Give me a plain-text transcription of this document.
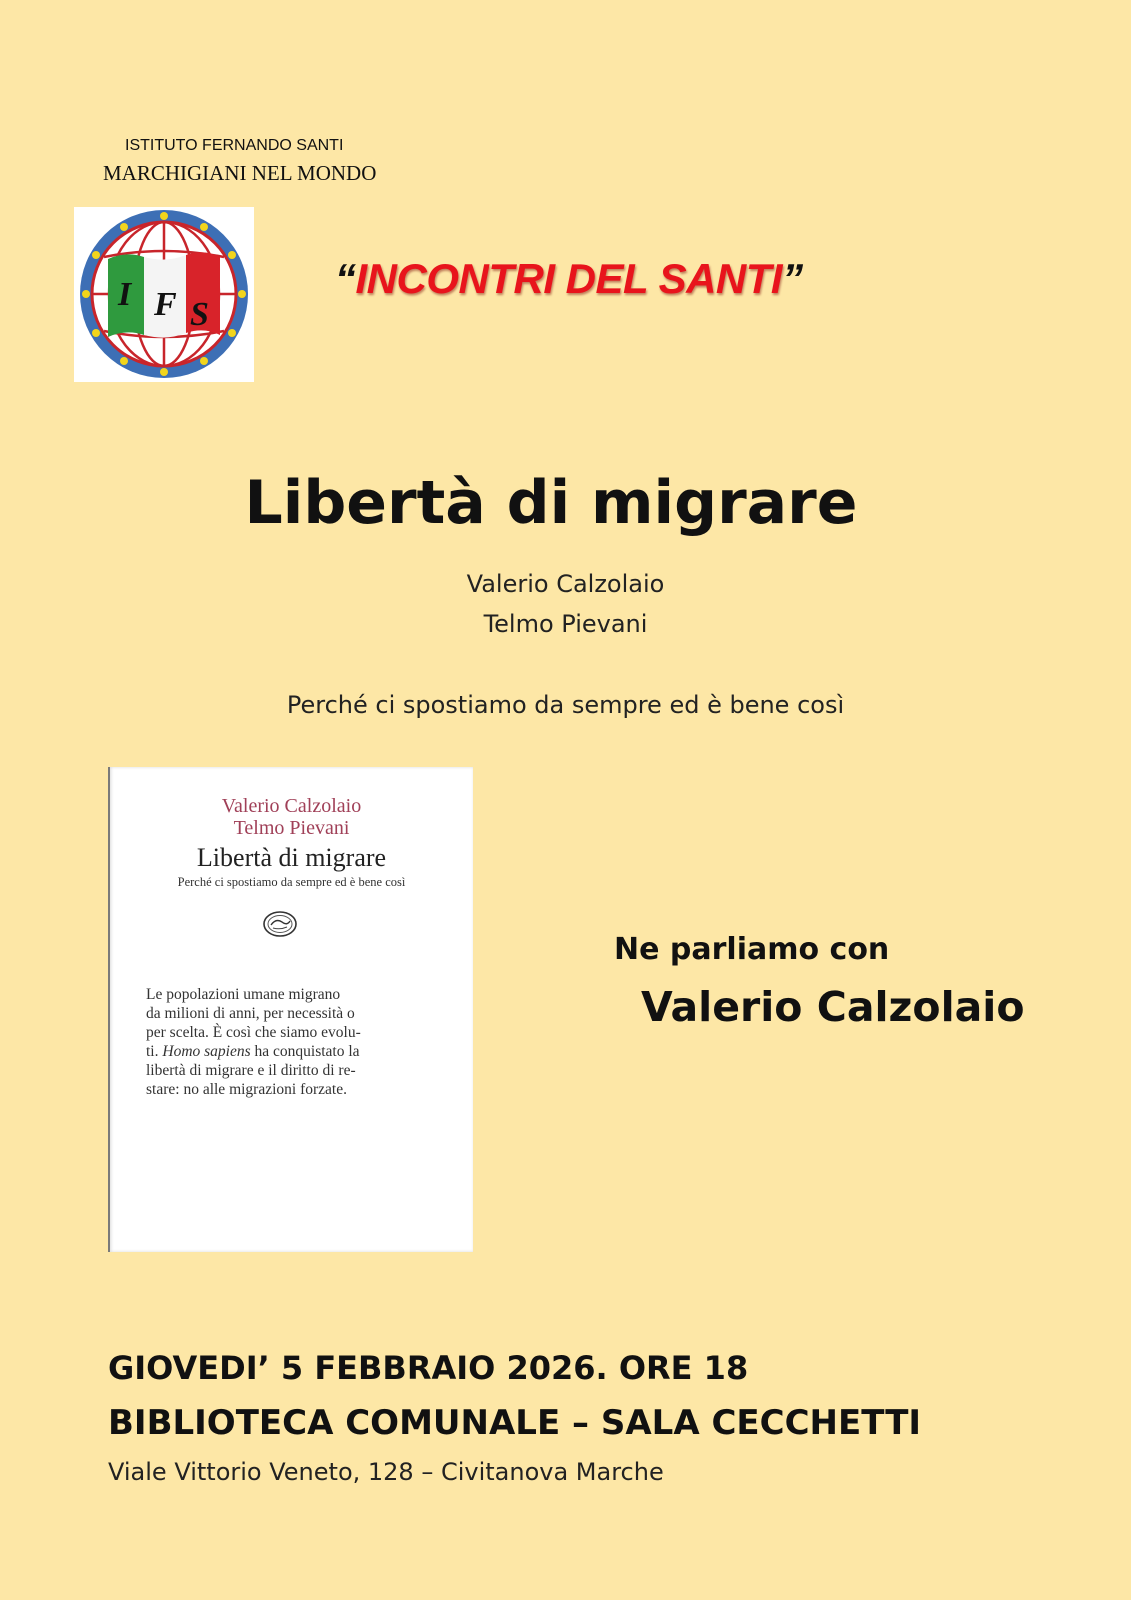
ISTITUTO FERNANDO SANTI
MARCHIGIANI NEL MONDO
I F S
“INCONTRI DEL SANTI”
Libertà di migrare
Valerio Calzolaio
Telmo Pievani
Perché ci spostiamo da sempre ed è bene così
Valerio Calzolaio
Telmo Pievani
Libertà di migrare
Perché ci spostiamo da sempre ed è bene così
Le popolazioni umane migrano
da milioni di anni, per necessità o
per scelta. È così che siamo evolu-
ti. Homo sapiens ha conquistato la
libertà di migrare e il diritto di re-
stare: no alle migrazioni forzate.
Ne parliamo con
Valerio Calzolaio
GIOVEDI’ 5 FEBBRAIO 2026. ORE 18
BIBLIOTECA COMUNALE – SALA CECCHETTI
Viale Vittorio Veneto, 128 – Civitanova Marche
